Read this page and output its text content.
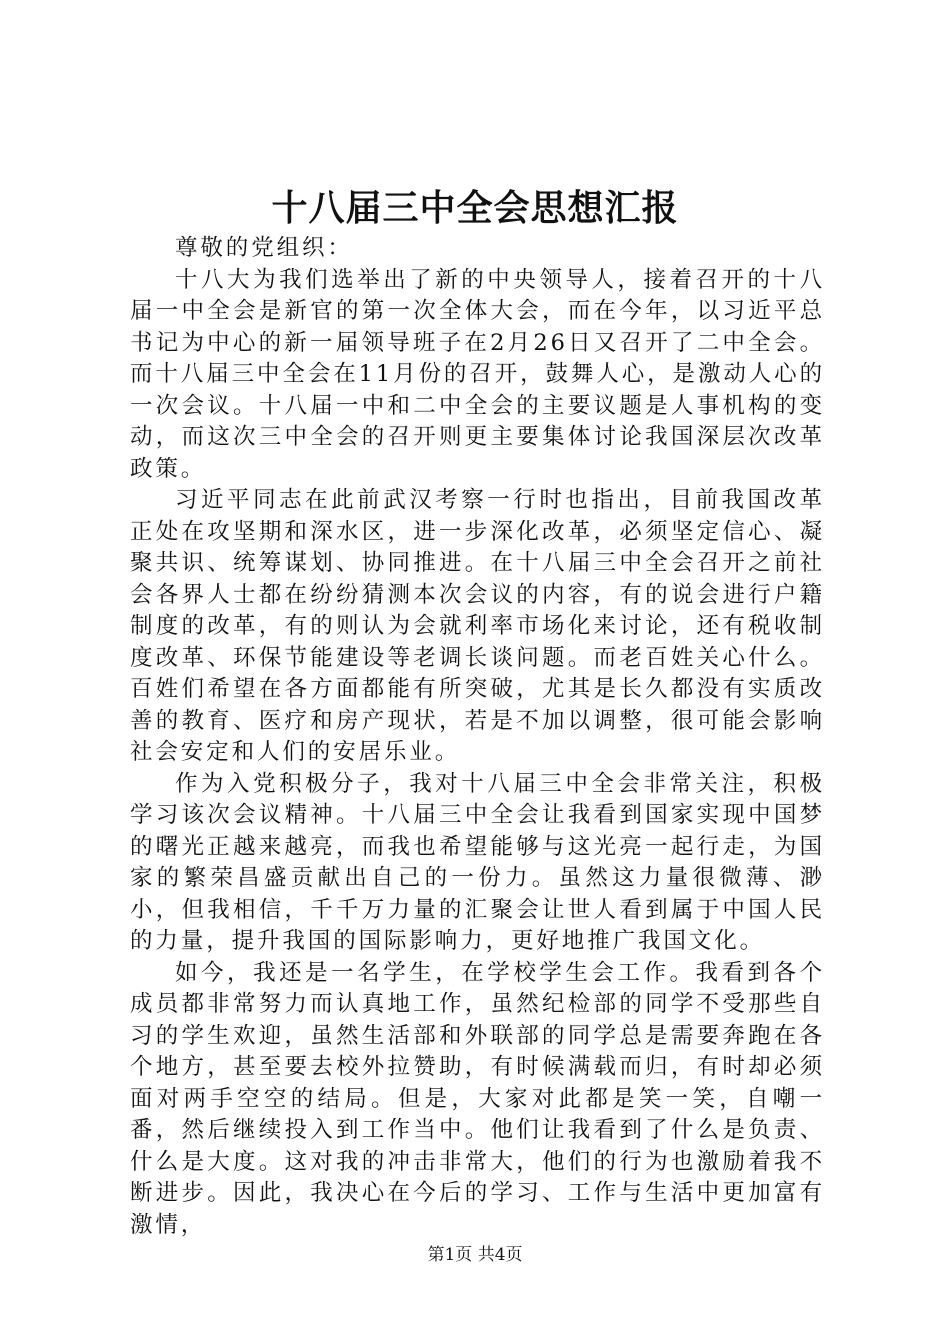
十八届三中全会思想汇报

尊敬的党组织：

十八大为我们选举出了新的中央领导人，接着召开的十八届一中全会是新官的第一次全体大会，而在今年，以习近平总书记为中心的新一届领导班子在2月26日又召开了二中全会。而十八届三中全会在11月份的召开，鼓舞人心，是激动人心的一次会议。十八届一中和二中全会的主要议题是人事机构的变动，而这次三中全会的召开则更主要集体讨论我国深层次改革政策。

习近平同志在此前武汉考察一行时也指出，目前我国改革正处在攻坚期和深水区，进一步深化改革，必须坚定信心、凝聚共识、统筹谋划、协同推进。在十八届三中全会召开之前社会各界人士都在纷纷猜测本次会议的内容，有的说会进行户籍制度的改革，有的则认为会就利率市场化来讨论，还有税收制度改革、环保节能建设等老调长谈问题。而老百姓关心什么。百姓们希望在各方面都能有所突破，尤其是长久都没有实质改善的教育、医疗和房产现状，若是不加以调整，很可能会影响社会安定和人们的安居乐业。

作为入党积极分子，我对十八届三中全会非常关注，积极学习该次会议精神。十八届三中全会让我看到国家实现中国梦的曙光正越来越亮，而我也希望能够与这光亮一起行走，为国家的繁荣昌盛贡献出自己的一份力。虽然这力量很微薄、渺小，但我相信，千千万力量的汇聚会让世人看到属于中国人民的力量，提升我国的国际影响力，更好地推广我国文化。

如今，我还是一名学生，在学校学生会工作。我看到各个成员都非常努力而认真地工作，虽然纪检部的同学不受那些自习的学生欢迎，虽然生活部和外联部的同学总是需要奔跑在各个地方，甚至要去校外拉赞助，有时候满载而归，有时却必须面对两手空空的结局。但是，大家对此都是笑一笑，自嘲一番，然后继续投入到工作当中。他们让我看到了什么是负责、什么是大度。这对我的冲击非常大，他们的行为也激励着我不断进步。因此，我决心在今后的学习、工作与生活中更加富有激情，

第1页 共4页
